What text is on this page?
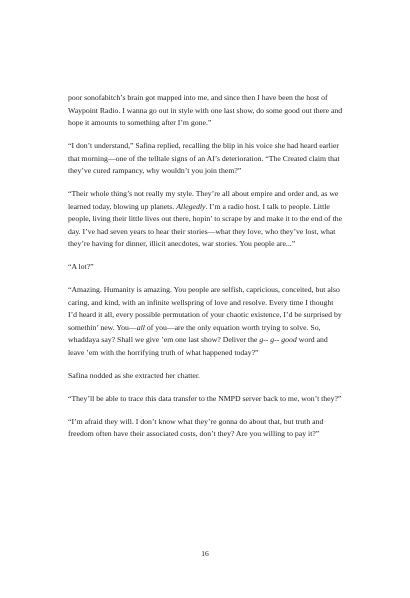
poor sonofabitch’s brain got mapped into me, and since then I have been the host of Waypoint Radio. I wanna go out in style with one last show, do some good out there and hope it amounts to something after I’m gone.”

“I don’t understand,” Safina replied, recalling the blip in his voice she had heard earlier that morning—one of the telltale signs of an AI’s deterioration. “The Created claim that they’ve cured rampancy, why wouldn’t you join them?”

“Their whole thing’s not really my style. They’re all about empire and order and, as we learned today, blowing up planets. Allegedly. I’m a radio host. I talk to people. Little people, living their little lives out there, hopin’ to scrape by and make it to the end of the day. I’ve had seven years to hear their stories—what they love, who they’ve lost, what they’re having for dinner, illicit anecdotes, war stories. You people are...”

“A lot?”

“Amazing. Humanity is amazing. You people are selfish, capricious, conceited, but also caring, and kind, with an infinite wellspring of love and resolve. Every time I thought I’d heard it all, every possible permutation of your chaotic existence, I’d be surprised by somethin’ new. You—all of you—are the only equation worth trying to solve. So, whaddaya say? Shall we give ’em one last show? Deliver the g-- g-- good word and leave ’em with the horrifying truth of what happened today?”

Safina nodded as she extracted her chatter.

“They’ll be able to trace this data transfer to the NMPD server back to me, won’t they?”

“I’m afraid they will. I don’t know what they’re gonna do about that, but truth and freedom often have their associated costs, don’t they? Are you willing to pay it?”

16
